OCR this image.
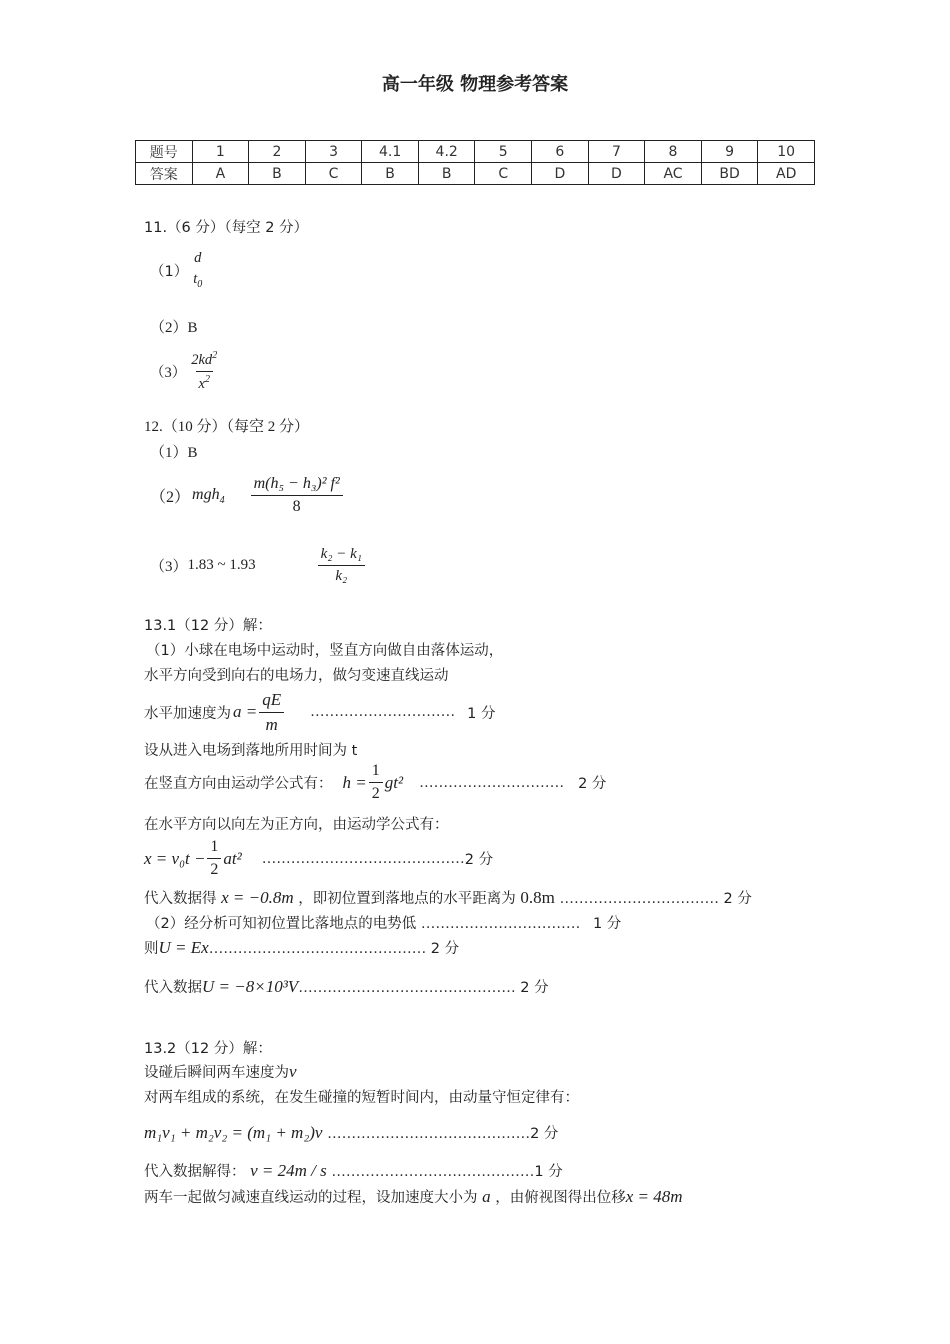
高一年级 物理参考答案
题号	1	2	3	4.1	4.2	5	6	7	8	9	10
答案	A	B	C	B	B	C	D	D	AC	BD	AD
11.（6 分）（每空 2 分）
（1）
d
$t_0$
（2）B
$(3) \frac{2kd^2}{x^2}$
12.（10 分）（每空 2 分）
（1）B
（2） $mgh_4 \frac{\text{m(h₅ − h₃)² f²}}{8}$
（3） 1.83 ~ 1.93	$\frac{\text{k₂ − k₁}}{\text{k₂}}$
13.1（12 分）解：
（1）小球在电场中运动时，竖直方向做自由落体运动，
水平方向受到向右的电场力，做匀变速直线运动
水平加速度为 $a = \frac{qE}{m}$ ………………………… 1 分
设从进入电场到落地所用时间为 t
在竖直方向由运动学公式有： $h = \frac{1}{2} gt^2$ ………………………… 2 分
在水平方向以向左为正方向，由运动学公式有：
$x = v_0t - \frac{1}{2} at^2$ …………………………………… 2 分
代入数据得 x = −0.8m ，即初位置到落地点的水平距离为 0.8m …………………………… 2 分
（2）经分析可知初位置比落地点的电势低 …………………………… 1 分
则U = Ex……………………………………… 2 分
代入数据U = −8×10³V……………………………………… 2 分
13.2（12 分）解：
设碰后瞬间两车速度为v
对两车组成的系统，在发生碰撞的短暂时间内，由动量守恒定律有：
m₁v₁ + m₂v₂ = (m₁ + m₂)v ……………………………………2 分
代入数据解得： v = 24m / s ……………………………………1 分
两车一起做匀减速直线运动的过程，设加速度大小为 a ，由俯视图得出位移x = 48m
